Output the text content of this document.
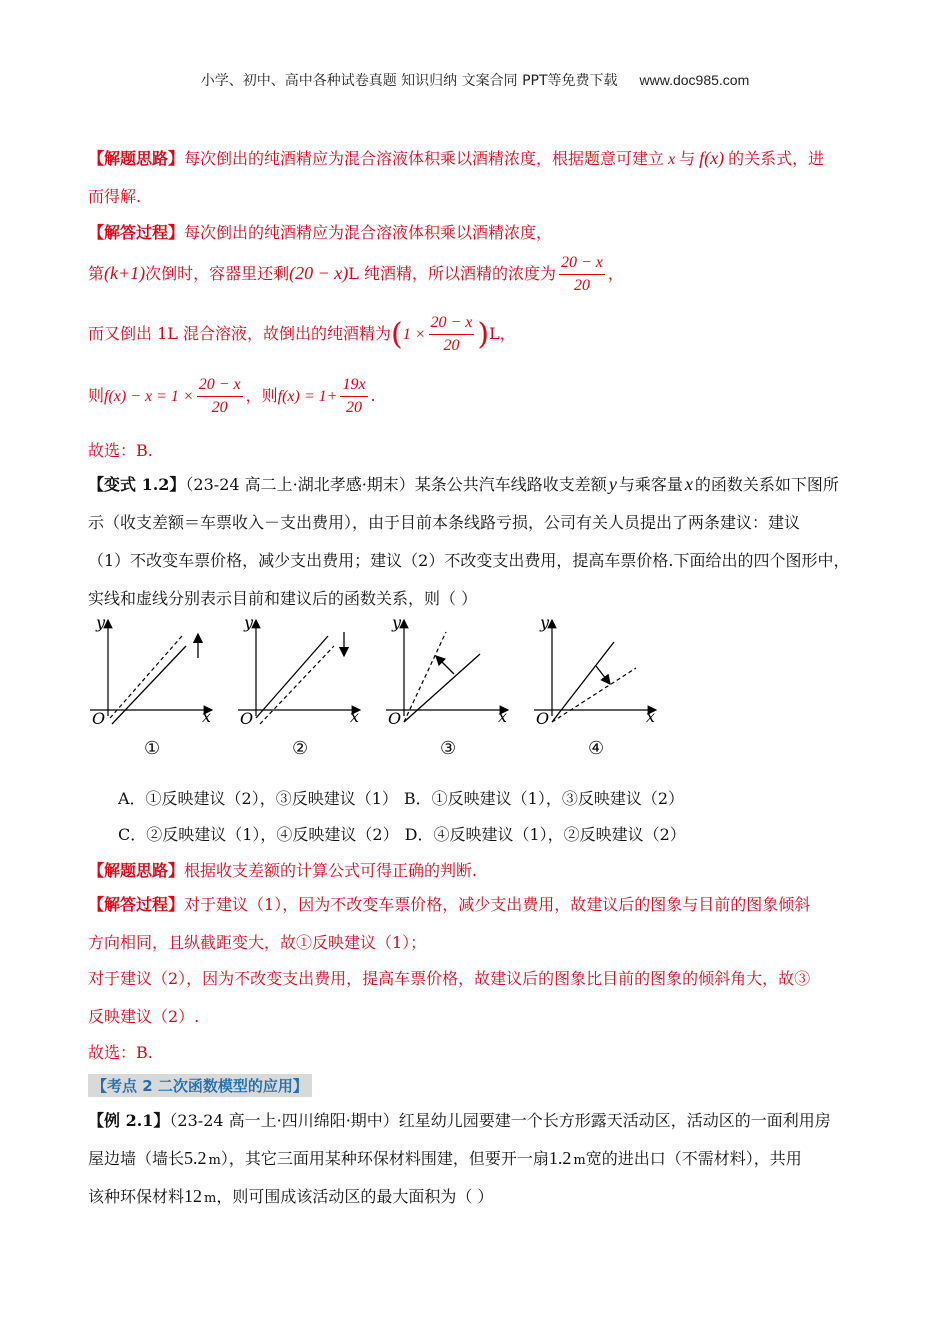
小学、初中、高中各种试卷真题 知识归纳 文案合同 PPT等免费下载 www.doc985.com
【解题思路】每次倒出的纯酒精应为混合溶液体积乘以酒精浓度，根据题意可建立 x 与 f(x) 的关系式，进
而得解.
【解答过程】每次倒出的纯酒精应为混合溶液体积乘以酒精浓度，
第(k+1)次倒时，容器里还剩(20 − x)L 纯酒精，所以酒精的浓度为 $\frac{20 - x}{20}$ ，
而又倒出 1L 混合溶液，故倒出的纯酒精为$(1 \times \frac{20 - x}{20} )L$，
则$f(x) - x = 1 \times \frac{20 - x}{20}$ ，则$f(x) = 1+ \frac{19x}{20}$ .
故选：B.
【变式 1.2】（23-24 高二上·湖北孝感·期末）某条公共汽车线路收支差额 y 与乘客量 x 的函数关系如下图所
示（收支差额＝车票收入－支出费用），由于目前本条线路亏损，公司有关人员提出了两条建议：建议
（1）不改变车票价格，减少支出费用；建议（2）不改变支出费用，提高车票价格.下面给出的四个图形中，
实线和虚线分别表示目前和建议后的函数关系，则（ ）
y
x
O
①
y
x
O
②
y
x
O
③
y
x
O
④
A．①反映建议（2），③反映建议（1） B．①反映建议（1），③反映建议（2）
C．②反映建议（1），④反映建议（2） D．④反映建议（1），②反映建议（2）
【解题思路】根据收支差额的计算公式可得正确的判断.
【解答过程】对于建议（1），因为不改变车票价格，减少支出费用，故建议后的图象与目前的图象倾斜
方向相同，且纵截距变大，故①反映建议（1）；
对于建议（2），因为不改变支出费用，提高车票价格，故建议后的图象比目前的图象的倾斜角大，故③
反映建议（2）.
故选：B.
【考点 2 二次函数模型的应用】
【例 2.1】（23-24 高一上·四川绵阳·期中）红星幼儿园要建一个长方形露天活动区，活动区的一面利用房
屋边墙（墙长5.2 m），其它三面用某种环保材料围建，但要开一扇1.2 m宽的进出口（不需材料），共用
该种环保材料12 m，则可围成该活动区的最大面积为（ ）
